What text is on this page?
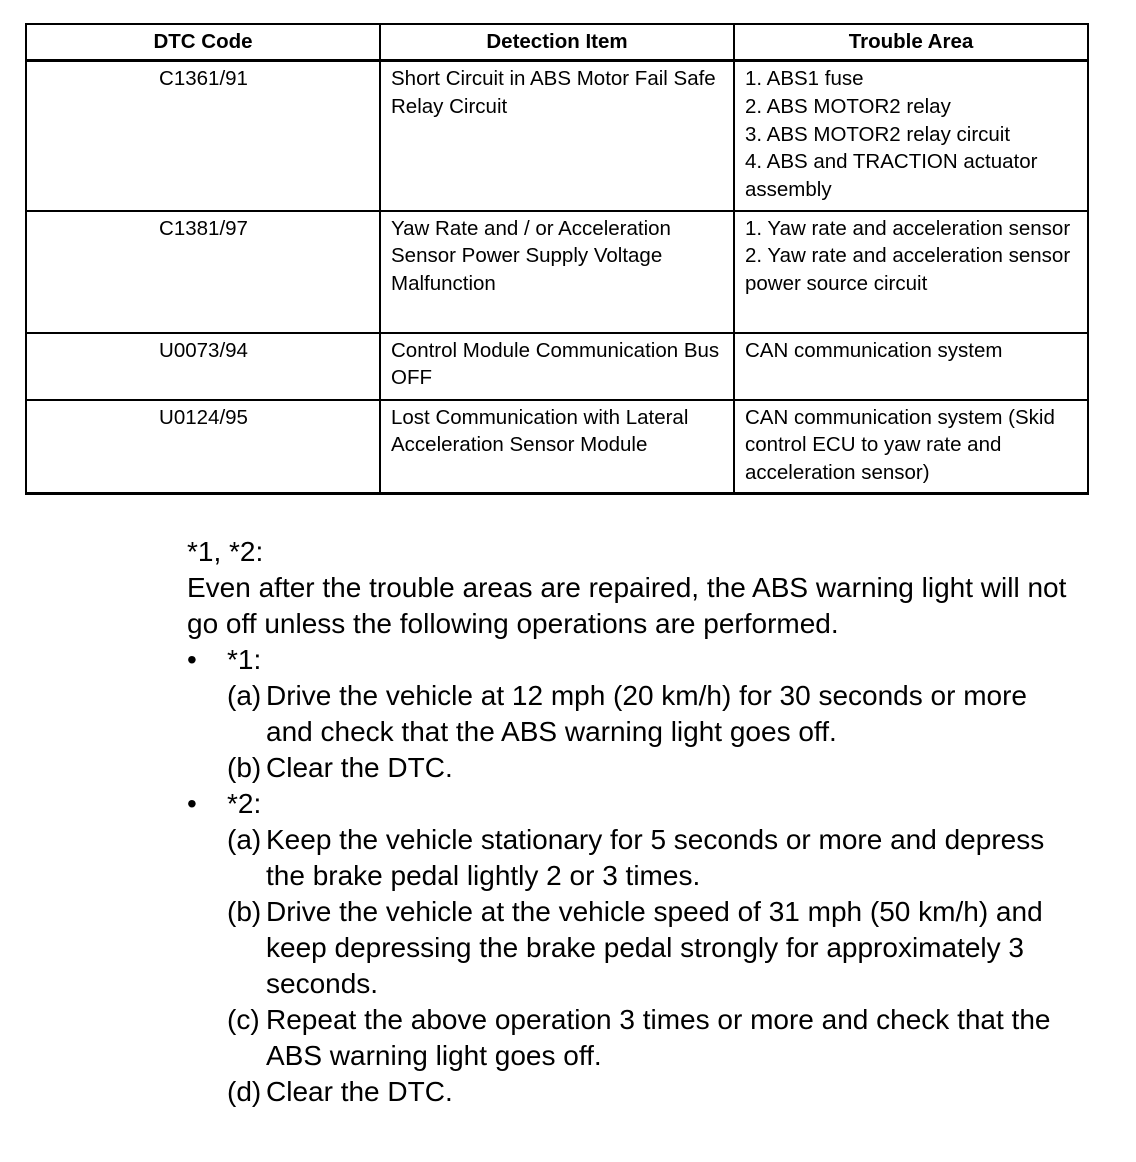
DTC Code	Detection Item	Trouble Area
C1361/91	Short Circuit in ABS Motor Fail Safe Relay Circuit	1. ABS1 fuse
2. ABS MOTOR2 relay
3. ABS MOTOR2 relay circuit
4. ABS and TRACTION actuator assembly

C1381/97	Yaw Rate and / or Acceleration Sensor Power Supply Voltage Malfunction	1. Yaw rate and acceleration sensor
2. Yaw rate and acceleration sensor power source circuit

U0073/94	Control Module Communication Bus OFF	CAN communication system

U0124/95	Lost Communication with Lateral Acceleration Sensor Module	CAN communication system (Skid control ECU to yaw rate and acceleration sensor)
*1, *2:
Even after the trouble areas are repaired, the ABS warning light will not go off unless the following operations are performed.
•	*1:
(a) Drive the vehicle at 12 mph (20 km/h) for 30 seconds or more and check that the ABS warning light goes off.
(b) Clear the DTC.
•	*2:
(a) Keep the vehicle stationary for 5 seconds or more and depress the brake pedal lightly 2 or 3 times.
(b) Drive the vehicle at the vehicle speed of 31 mph (50 km/h) and keep depressing the brake pedal strongly for approximately 3 seconds.
(c) Repeat the above operation 3 times or more and check that the ABS warning light goes off.
(d) Clear the DTC.
